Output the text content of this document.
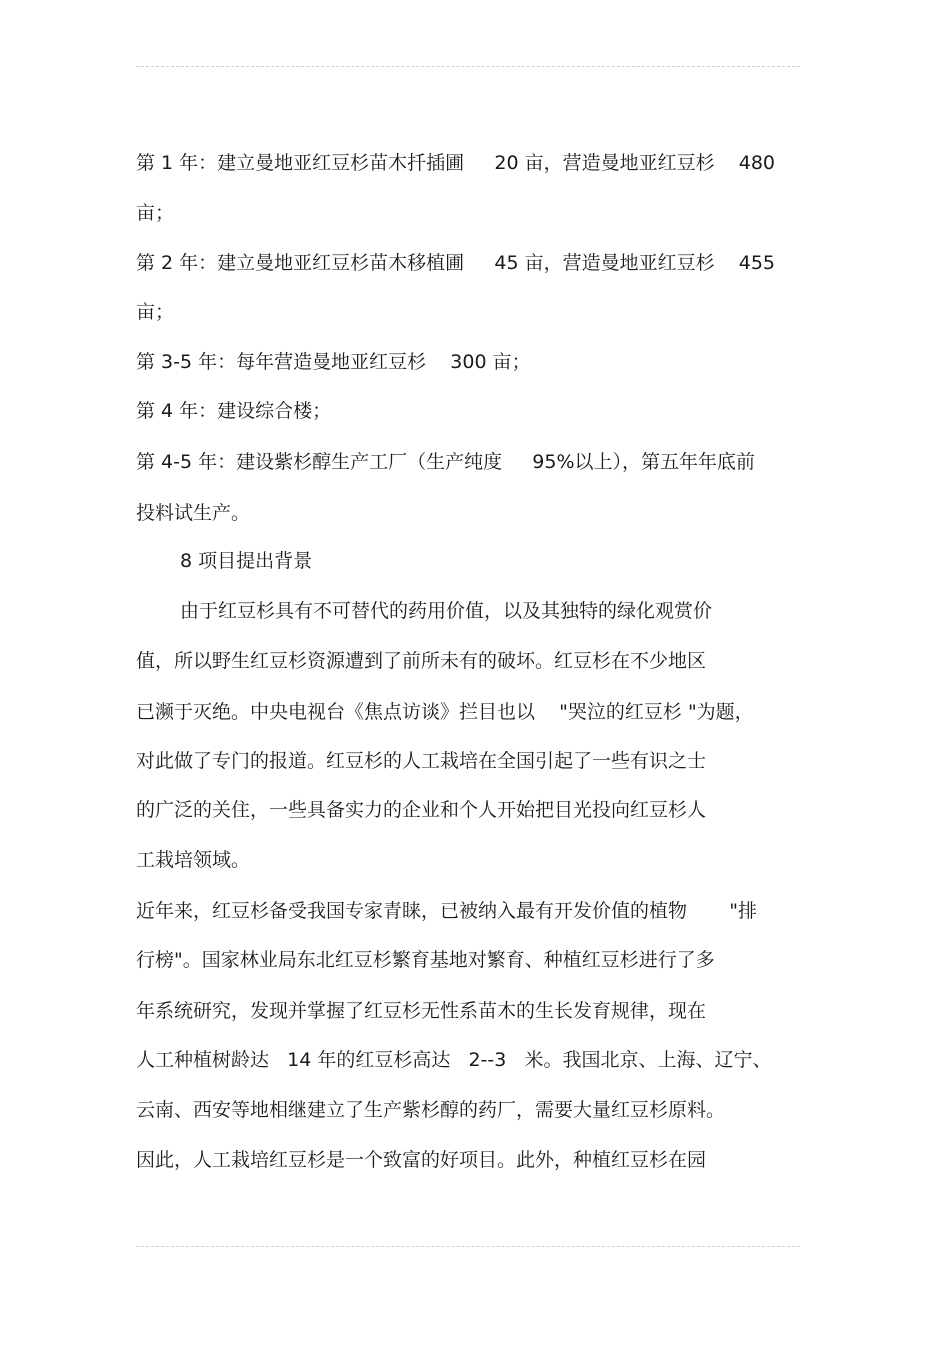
第 1 年：建立曼地亚红豆杉苗木扦插圃     20 亩，营造曼地亚红豆杉    480
亩；
第 2 年：建立曼地亚红豆杉苗木移植圃     45 亩，营造曼地亚红豆杉    455
亩；
第 3-5 年：每年营造曼地亚红豆杉    300 亩；
第 4 年：建设综合楼；
第 4-5 年：建设紫杉醇生产工厂（生产纯度     95%以上），第五年年底前
投料试生产。
8 项目提出背景
由于红豆杉具有不可替代的药用价值，以及其独特的绿化观赏价
值，所以野生红豆杉资源遭到了前所未有的破坏。红豆杉在不少地区
已濒于灭绝。中央电视台《焦点访谈》拦目也以    "哭泣的红豆杉 "为题，
对此做了专门的报道。红豆杉的人工栽培在全国引起了一些有识之士
的广泛的关住，一些具备实力的企业和个人开始把目光投向红豆杉人
工栽培领域。
近年来，红豆杉备受我国专家青睐，已被纳入最有开发价值的植物       "排
行榜"。国家林业局东北红豆杉繁育基地对繁育、种植红豆杉进行了多
年系统研究，发现并掌握了红豆杉无性系苗木的生长发育规律，现在
人工种植树龄达   14 年的红豆杉高达   2--3   米。我国北京、上海、辽宁、
云南、西安等地相继建立了生产紫杉醇的药厂，需要大量红豆杉原料。
因此，人工栽培红豆杉是一个致富的好项目。此外，种植红豆杉在园
